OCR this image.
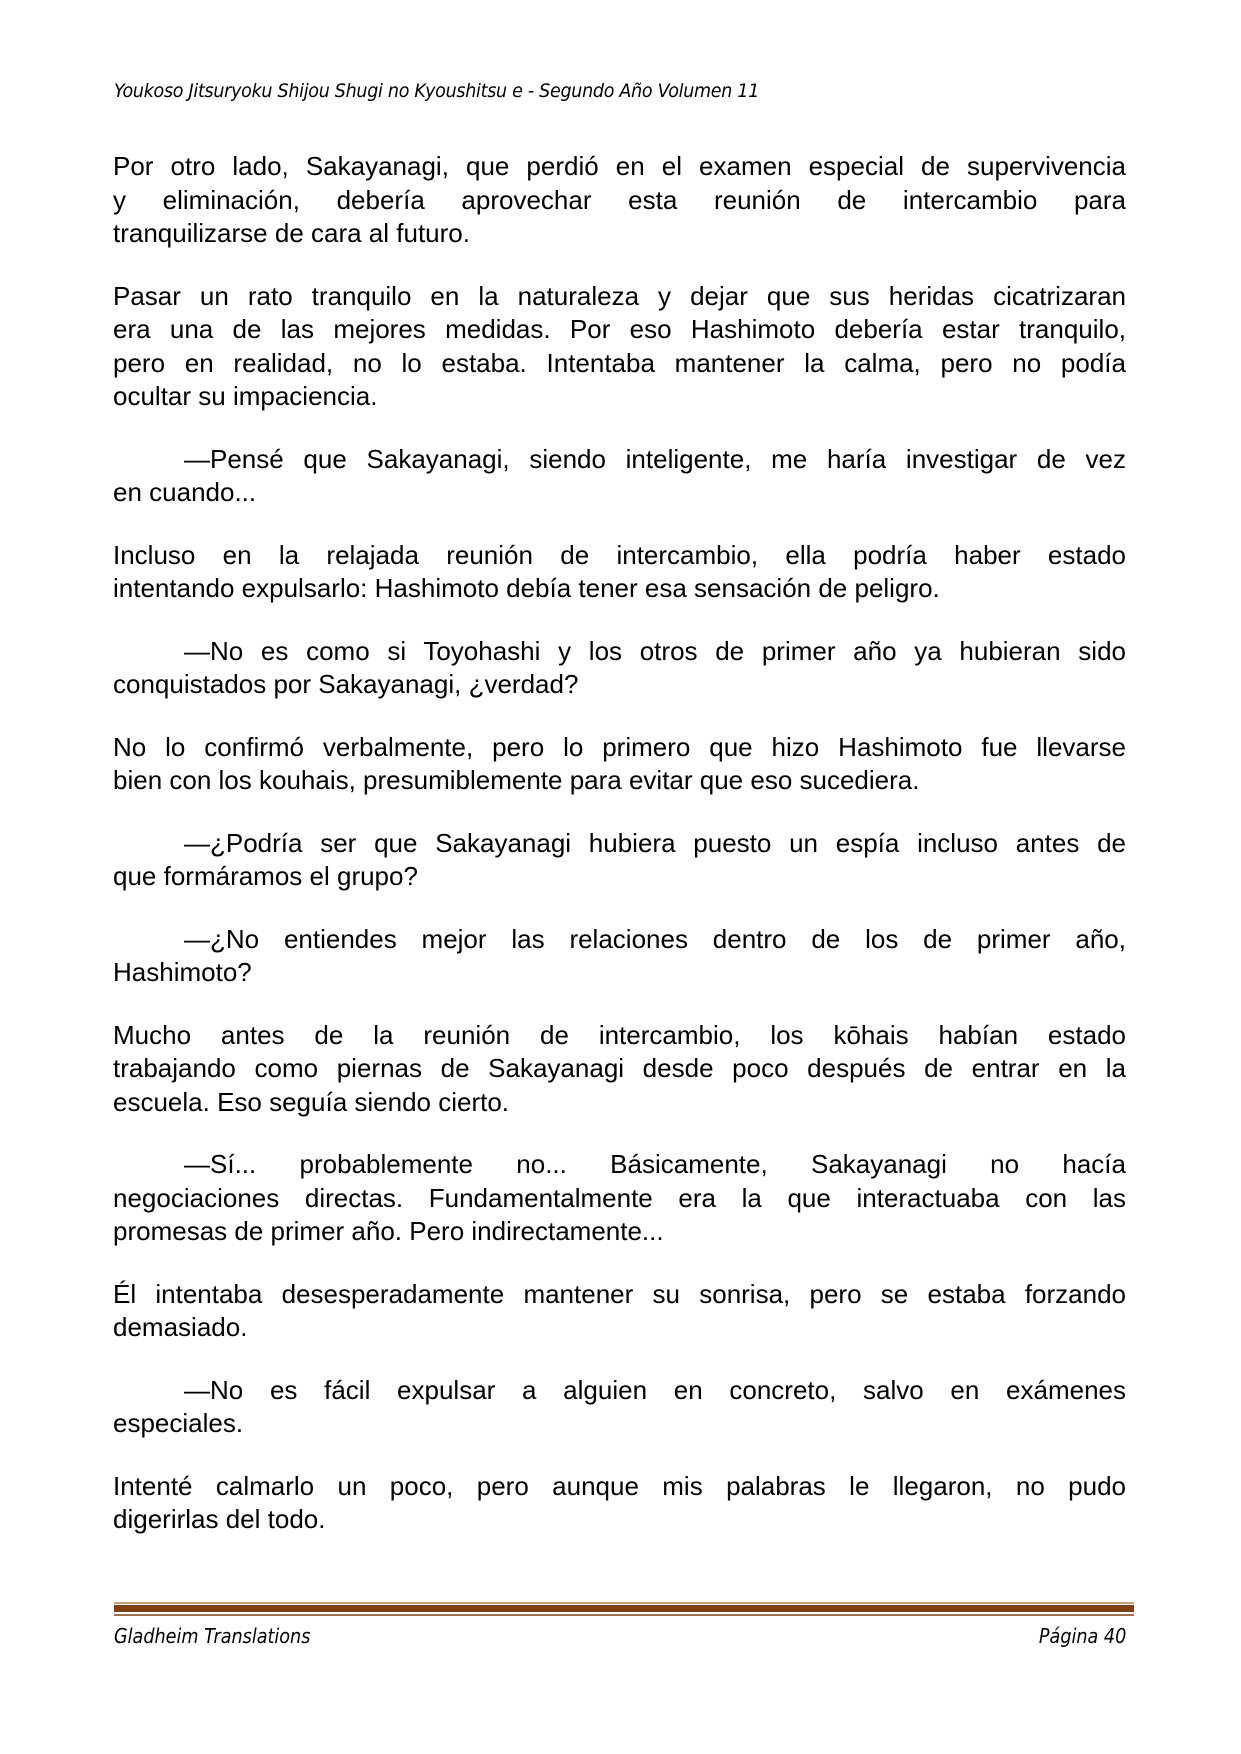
Youkoso Jitsuryoku Shijou Shugi no Kyoushitsu e - Segundo Año Volumen 11
Por otro lado, Sakayanagi, que perdió en el examen especial de supervivencia
y eliminación, debería aprovechar esta reunión de intercambio para
tranquilizarse de cara al futuro.
Pasar un rato tranquilo en la naturaleza y dejar que sus heridas cicatrizaran
era una de las mejores medidas. Por eso Hashimoto debería estar tranquilo,
pero en realidad, no lo estaba. Intentaba mantener la calma, pero no podía
ocultar su impaciencia.
—Pensé que Sakayanagi, siendo inteligente, me haría investigar de vez
en cuando...
Incluso en la relajada reunión de intercambio, ella podría haber estado
intentando expulsarlo: Hashimoto debía tener esa sensación de peligro.
—No es como si Toyohashi y los otros de primer año ya hubieran sido
conquistados por Sakayanagi, ¿verdad?
No lo confirmó verbalmente, pero lo primero que hizo Hashimoto fue llevarse
bien con los kouhais, presumiblemente para evitar que eso sucediera.
—¿Podría ser que Sakayanagi hubiera puesto un espía incluso antes de
que formáramos el grupo?
—¿No entiendes mejor las relaciones dentro de los de primer año,
Hashimoto?
Mucho antes de la reunión de intercambio, los kōhais habían estado
trabajando como piernas de Sakayanagi desde poco después de entrar en la
escuela. Eso seguía siendo cierto.
—Sí... probablemente no... Básicamente, Sakayanagi no hacía
negociaciones directas. Fundamentalmente era la que interactuaba con las
promesas de primer año. Pero indirectamente...
Él intentaba desesperadamente mantener su sonrisa, pero se estaba forzando
demasiado.
—No es fácil expulsar a alguien en concreto, salvo en exámenes
especiales.
Intenté calmarlo un poco, pero aunque mis palabras le llegaron, no pudo
digerirlas del todo.
Gladheim Translations	Página 40
